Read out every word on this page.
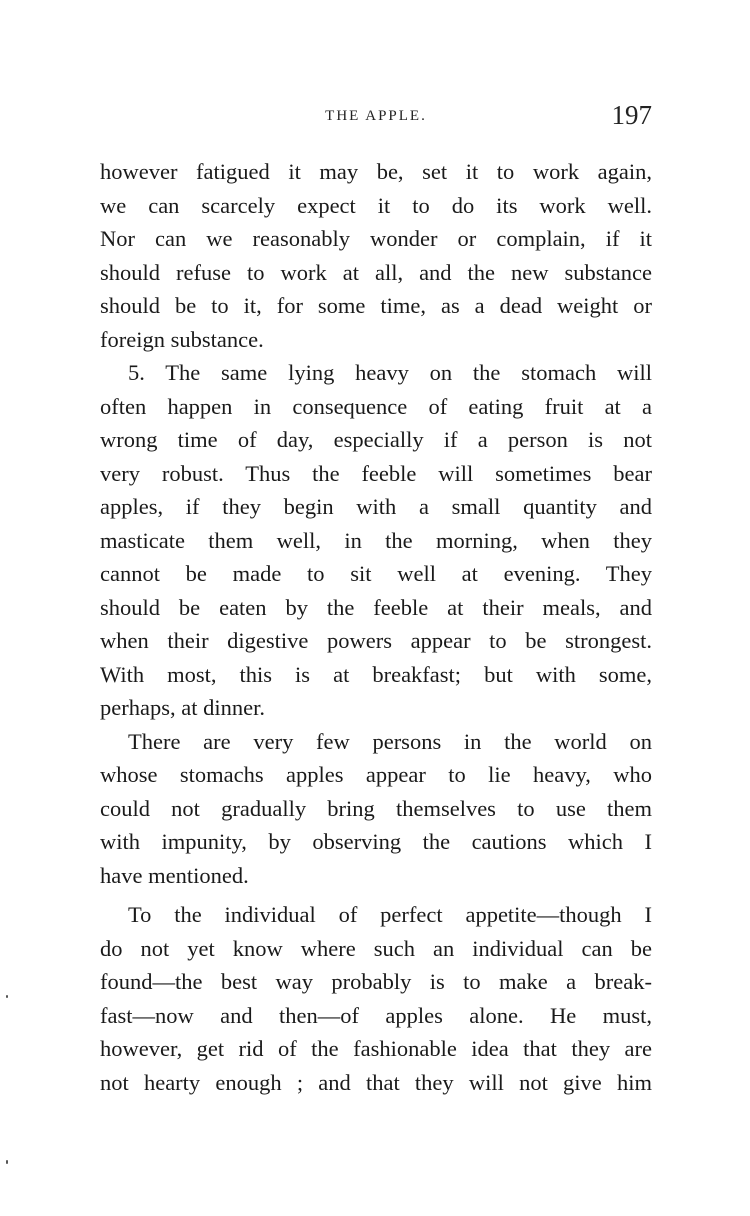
THE APPLE.	197
however fatigued it may be, set it to work again,
we can scarcely expect it to do its work well.
Nor can we reasonably wonder or complain, if it
should refuse to work at all, and the new substance
should be to it, for some time, as a dead weight or
foreign substance.
5. The same lying heavy on the stomach will
often happen in consequence of eating fruit at a
wrong time of day, especially if a person is not
very robust. Thus the feeble will sometimes bear
apples, if they begin with a small quantity and
masticate them well, in the morning, when they
cannot be made to sit well at evening. They
should be eaten by the feeble at their meals, and
when their digestive powers appear to be strongest.
With most, this is at breakfast; but with some,
perhaps, at dinner.
There are very few persons in the world on
whose stomachs apples appear to lie heavy, who
could not gradually bring themselves to use them
with impunity, by observing the cautions which I
have mentioned.
To the individual of perfect appetite—though I
do not yet know where such an individual can be
found—the best way probably is to make a break-
fast—now and then—of apples alone. He must,
however, get rid of the fashionable idea that they are
not hearty enough ; and that they will not give him
